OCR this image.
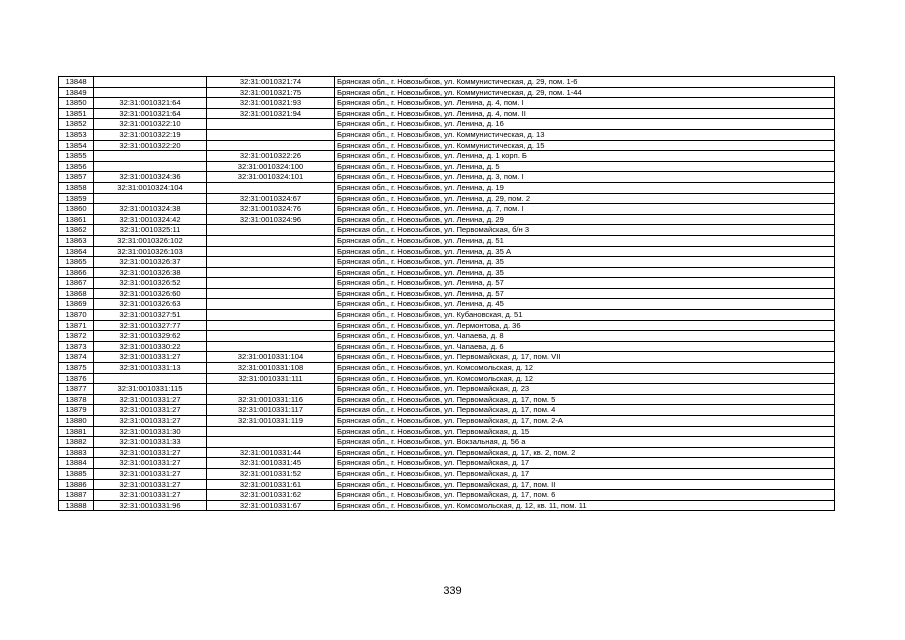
13848		32:31:0010321:74	Брянская обл., г. Новозыбков, ул. Коммунистическая, д. 29, пом. 1-6
13849		32:31:0010321:75	Брянская обл., г. Новозыбков, ул. Коммунистическая, д. 29, пом. 1-44
13850	32:31:0010321:64	32:31:0010321:93	Брянская обл., г. Новозыбков, ул. Ленина, д. 4, пом. I
13851	32:31:0010321:64	32:31:0010321:94	Брянская обл., г. Новозыбков, ул. Ленина, д. 4, пом. II
13852	32:31:0010322:10		Брянская обл., г. Новозыбков, ул. Ленина, д. 16
13853	32:31:0010322:19		Брянская обл., г. Новозыбков, ул. Коммунистическая, д. 13
13854	32:31:0010322:20		Брянская обл., г. Новозыбков, ул. Коммунистическая, д. 15
13855		32:31:0010322:26	Брянская обл., г. Новозыбков, ул. Ленина, д. 1 корп. Б
13856		32:31:0010324:100	Брянская обл., г. Новозыбков, ул. Ленина, д. 5
13857	32:31:0010324:36	32:31:0010324:101	Брянская обл., г. Новозыбков, ул. Ленина, д. 3, пом. I
13858	32:31:0010324:104		Брянская обл., г. Новозыбков, ул. Ленина, д. 19
13859		32:31:0010324:67	Брянская обл., г. Новозыбков, ул. Ленина, д. 29, пом. 2
13860	32:31:0010324:38	32:31:0010324:76	Брянская обл., г. Новозыбков, ул. Ленина, д. 7, пом. I
13861	32:31:0010324:42	32:31:0010324:96	Брянская обл., г. Новозыбков, ул. Ленина, д. 29
13862	32:31:0010325:11		Брянская обл., г. Новозыбков, ул. Первомайская, б/н 3
13863	32:31:0010326:102		Брянская обл., г. Новозыбков, ул. Ленина, д. 51
13864	32:31:0010326:103		Брянская обл., г. Новозыбков, ул. Ленина, д. 35 А
13865	32:31:0010326:37		Брянская обл., г. Новозыбков, ул. Ленина, д. 35
13866	32:31:0010326:38		Брянская обл., г. Новозыбков, ул. Ленина, д. 35
13867	32:31:0010326:52		Брянская обл., г. Новозыбков, ул. Ленина, д. 57
13868	32:31:0010326:60		Брянская обл., г. Новозыбков, ул. Ленина, д. 57
13869	32:31:0010326:63		Брянская обл., г. Новозыбков, ул. Ленина, д. 45
13870	32:31:0010327:51		Брянская обл., г. Новозыбков, ул. Кубановская, д. 51
13871	32:31:0010327:77		Брянская обл., г. Новозыбков, ул. Лермонтова, д. 36
13872	32:31:0010329:62		Брянская обл., г. Новозыбков, ул. Чапаева, д. 8
13873	32:31:0010330:22		Брянская обл., г. Новозыбков, ул. Чапаева, д. 6
13874	32:31:0010331:27	32:31:0010331:104	Брянская обл., г. Новозыбков, ул. Первомайская, д. 17, пом. VII
13875	32:31:0010331:13	32:31:0010331:108	Брянская обл., г. Новозыбков, ул. Комсомольская, д. 12
13876		32:31:0010331:111	Брянская обл., г. Новозыбков, ул. Комсомольская, д. 12
13877	32:31:0010331:115		Брянская обл., г. Новозыбков, ул. Первомайская, д. 23
13878	32:31:0010331:27	32:31:0010331:116	Брянская обл., г. Новозыбков, ул. Первомайская, д. 17, пом. 5
13879	32:31:0010331:27	32:31:0010331:117	Брянская обл., г. Новозыбков, ул. Первомайская, д. 17, пом. 4
13880	32:31:0010331:27	32:31:0010331:119	Брянская обл., г. Новозыбков, ул. Первомайская, д. 17, пом. 2-А
13881	32:31:0010331:30		Брянская обл., г. Новозыбков, ул. Первомайская, д. 15
13882	32:31:0010331:33		Брянская обл., г. Новозыбков, ул. Вокзальная, д. 56 а
13883	32:31:0010331:27	32:31:0010331:44	Брянская обл., г. Новозыбков, ул. Первомайская, д. 17, кв. 2, пом. 2
13884	32:31:0010331:27	32:31:0010331:45	Брянская обл., г. Новозыбков, ул. Первомайская, д. 17
13885	32:31:0010331:27	32:31:0010331:52	Брянская обл., г. Новозыбков, ул. Первомайская, д. 17
13886	32:31:0010331:27	32:31:0010331:61	Брянская обл., г. Новозыбков, ул. Первомайская, д. 17, пом. II
13887	32:31:0010331:27	32:31:0010331:62	Брянская обл., г. Новозыбков, ул. Первомайская, д. 17, пом. 6
13888	32:31:0010331:96	32:31:0010331:67	Брянская обл., г. Новозыбков, ул. Комсомольская, д. 12, кв. 11, пом. 11
339
